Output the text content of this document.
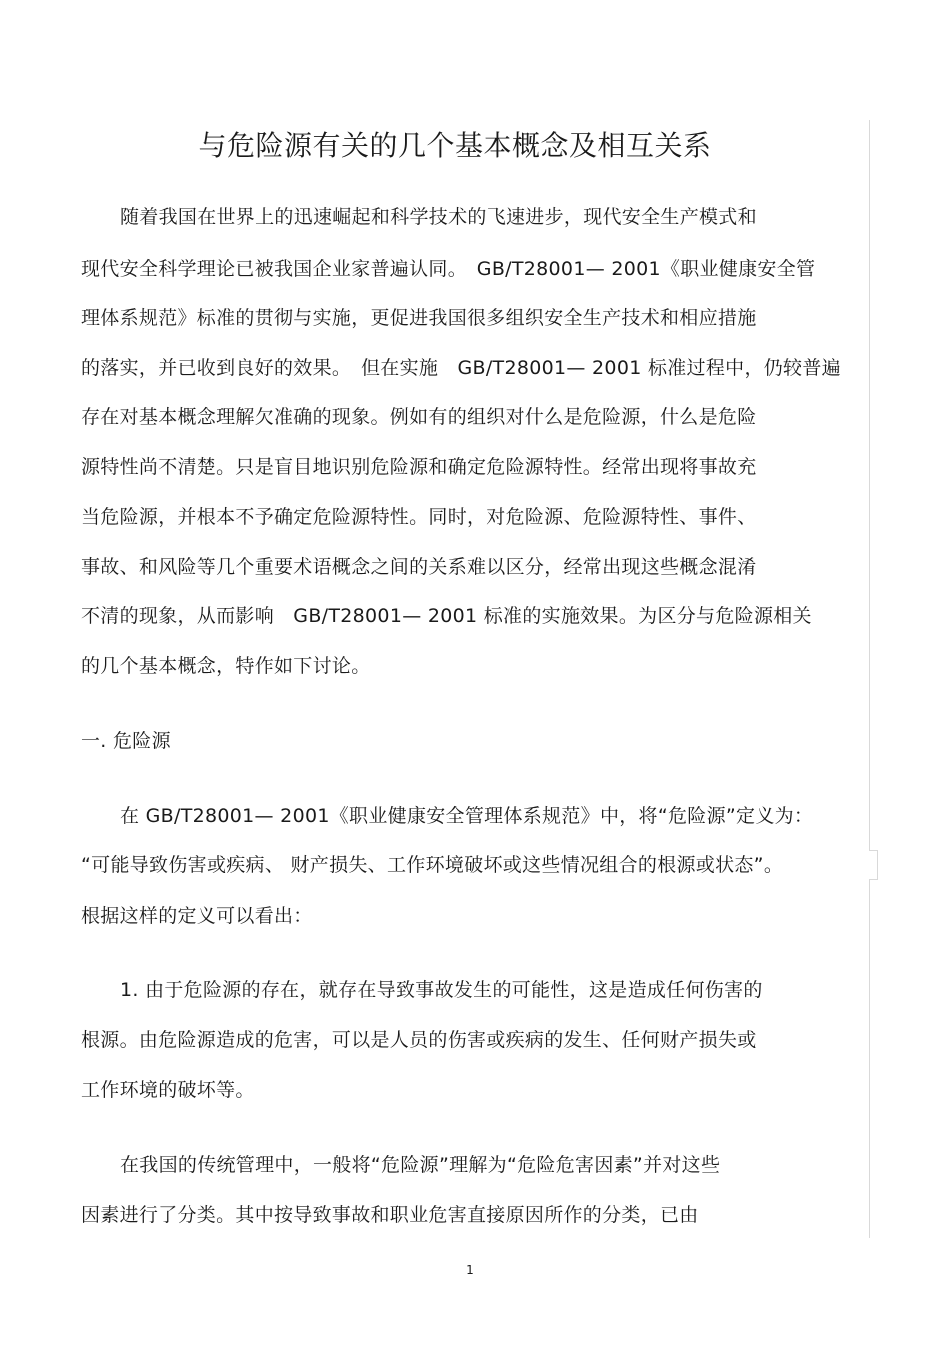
与危险源有关的几个基本概念及相互关系
随着我国在世界上的迅速崛起和科学技术的飞速进步，现代安全生产模式和
现代安全科学理论已被我国企业家普遍认同。　GB/T28001— 2001《职业健康安全管
理体系规范》标准的贯彻与实施，更促进我国很多组织安全生产技术和相应措施
的落实，并已收到良好的效果。　但在实施　GB/T28001— 2001 标准过程中，仍较普遍
存在对基本概念理解欠准确的现象。例如有的组织对什么是危险源，什么是危险
源特性尚不清楚。只是盲目地识别危险源和确定危险源特性。经常出现将事故充
当危险源，并根本不予确定危险源特性。同时，对危险源、危险源特性、事件、
事故、和风险等几个重要术语概念之间的关系难以区分，经常出现这些概念混淆
不清的现象，从而影响　GB/T28001— 2001 标准的实施效果。为区分与危险源相关
的几个基本概念，特作如下讨论。
一. 危险源
在 GB/T28001— 2001《职业健康安全管理体系规范》中，将“危险源”定义为：
“可能导致伤害或疾病、 财产损失、工作环境破坏或这些情况组合的根源或状态”。
根据这样的定义可以看出：
1. 由于危险源的存在，就存在导致事故发生的可能性，这是造成任何伤害的
根源。由危险源造成的危害，可以是人员的伤害或疾病的发生、任何财产损失或
工作环境的破坏等。
在我国的传统管理中，一般将“危险源”理解为“危险危害因素”并对这些
因素进行了分类。其中按导致事故和职业危害直接原因所作的分类，已由
1
